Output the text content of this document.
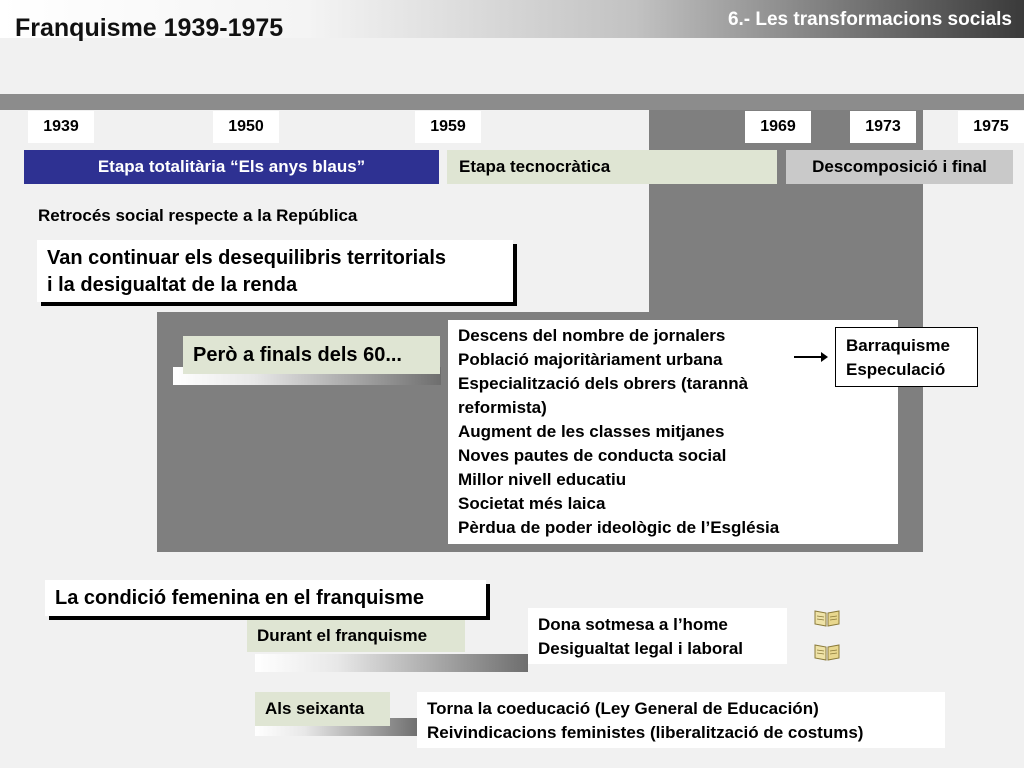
Franquisme 1939-1975	6.- Les transformacions socials
1939	1950	1959	1969	1973	1975
Etapa totalitària “Els anys blaus”	Etapa tecnocràtica	Descomposició i final
Retrocés social respecte a la República
Van continuar els desequilibris territorials
i la desigualtat de la renda
Però a finals dels 60...
Descens del nombre de jornalers
Població majoritàriament urbana
Especialització dels obrers (tarannà
reformista)
Augment de les classes mitjanes
Noves pautes de conducta social
Millor nivell educatiu
Societat més laica
Pèrdua de poder ideològic de l’Església
Barraquisme
Especulació
La condició femenina en el franquisme
Durant el franquisme
Dona sotmesa a l’home
Desigualtat legal i laboral
Als seixanta	Torna la coeducació (Ley General de Educación)
Reivindicacions feministes (liberalització de costums)
